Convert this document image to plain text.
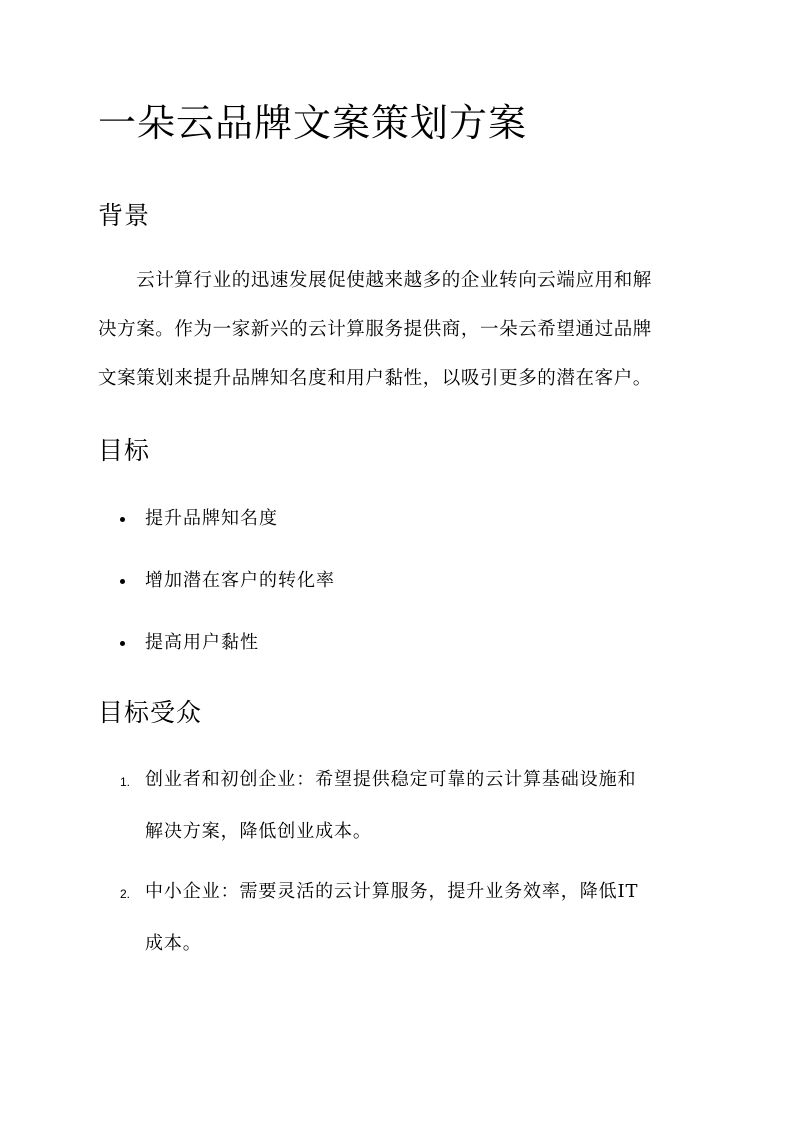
一朵云品牌文案策划方案
背景

　　云计算行业的迅速发展促使越来越多的企业转向云端应用和解
决方案。作为一家新兴的云计算服务提供商，一朵云希望通过品牌
文案策划来提升品牌知名度和用户黏性，以吸引更多的潜在客户。

目标
提升品牌知名度
增加潜在客户的转化率
提高用户黏性
目标受众
1. 创业者和初创企业：希望提供稳定可靠的云计算基础设施和
解决方案，降低创业成本。
2. 中小企业：需要灵活的云计算服务，提升业务效率，降低IT
成本。
